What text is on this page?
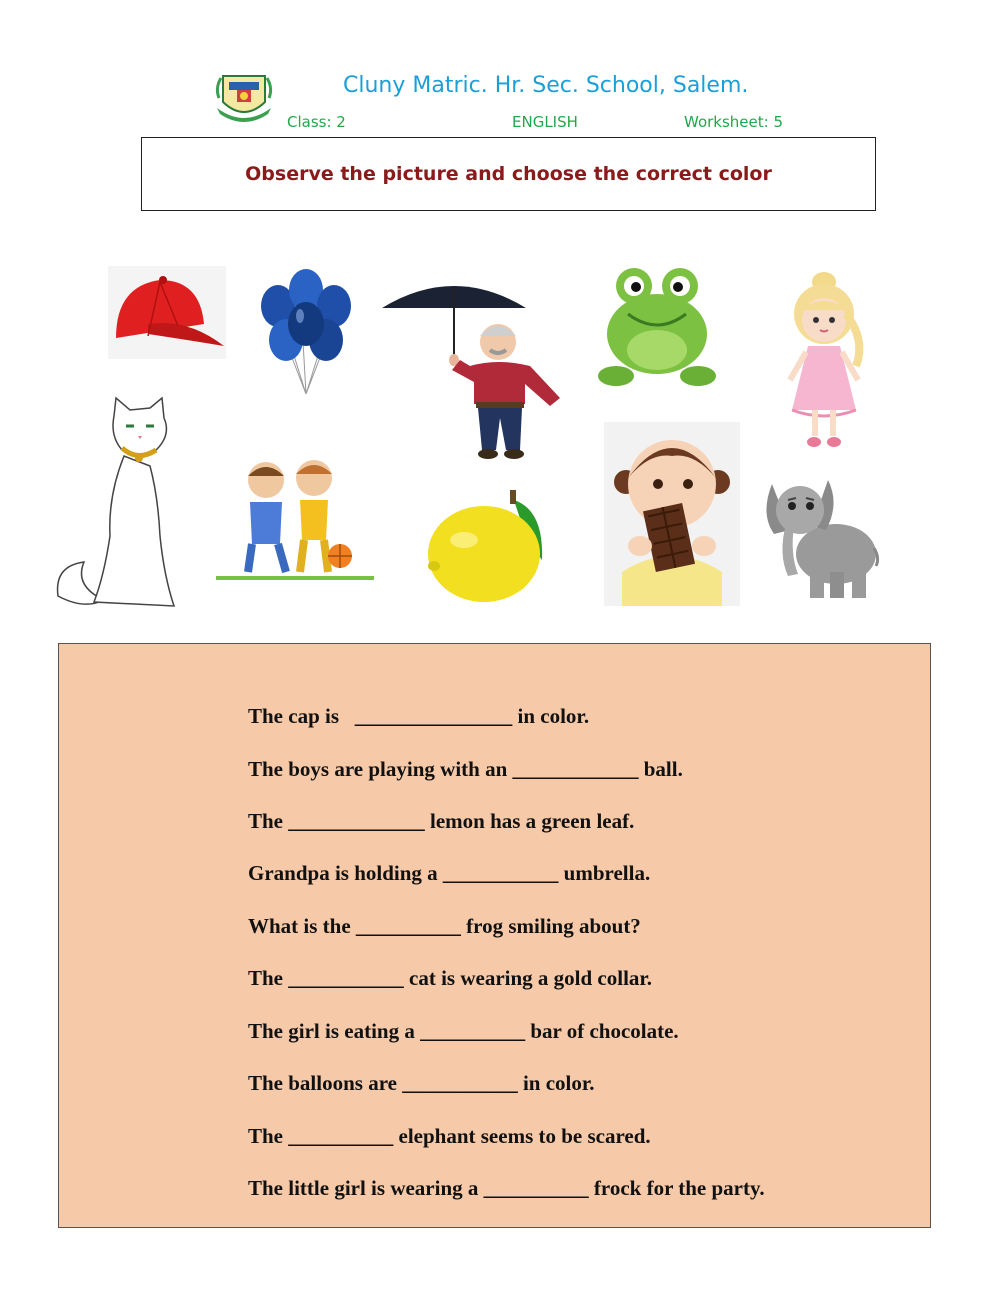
Cluny Matric. Hr. Sec. School, Salem.
Class: 2	ENGLISH	Worksheet: 5
Observe the picture and choose the correct color
The cap is   _______________ in color.
The boys are playing with an ____________ ball.
The _____________ lemon has a green leaf.
Grandpa is holding a ___________ umbrella.
What is the __________ frog smiling about?
The ___________ cat is wearing a gold collar.
The girl is eating a __________ bar of chocolate.
The balloons are ___________ in color.
The __________ elephant seems to be scared.
The little girl is wearing a __________ frock for the party.
